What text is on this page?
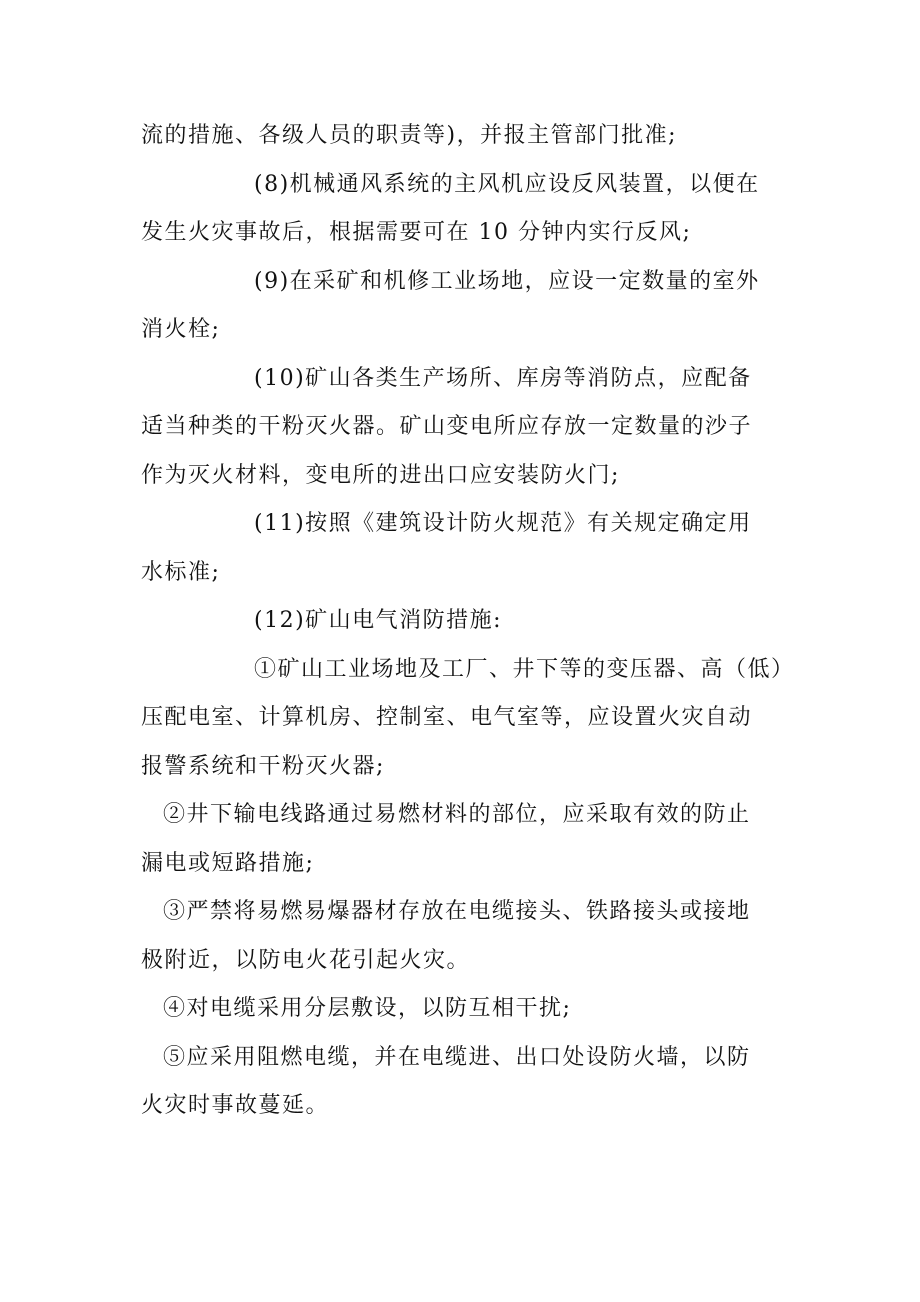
流的措施、各级人员的职责等)，并报主管部门批准;
(8)机械通风系统的主风机应设反风装置，以便在
发生火灾事故后，根据需要可在 10 分钟内实行反风;
(9)在采矿和机修工业场地，应设一定数量的室外
消火栓;
(10)矿山各类生产场所、库房等消防点，应配备
适当种类的干粉灭火器。矿山变电所应存放一定数量的沙子
作为灭火材料，变电所的进出口应安装防火门;
(11)按照《建筑设计防火规范》有关规定确定用
水标准;
(12)矿山电气消防措施:
①矿山工业场地及工厂、井下等的变压器、高（低）
压配电室、计算机房、控制室、电气室等，应设置火灾自动
报警系统和干粉灭火器;
②井下输电线路通过易燃材料的部位，应采取有效的防止
漏电或短路措施;
③严禁将易燃易爆器材存放在电缆接头、铁路接头或接地
极附近，以防电火花引起火灾。
④对电缆采用分层敷设，以防互相干扰;
⑤应采用阻燃电缆，并在电缆进、出口处设防火墙，以防
火灾时事故蔓延。
